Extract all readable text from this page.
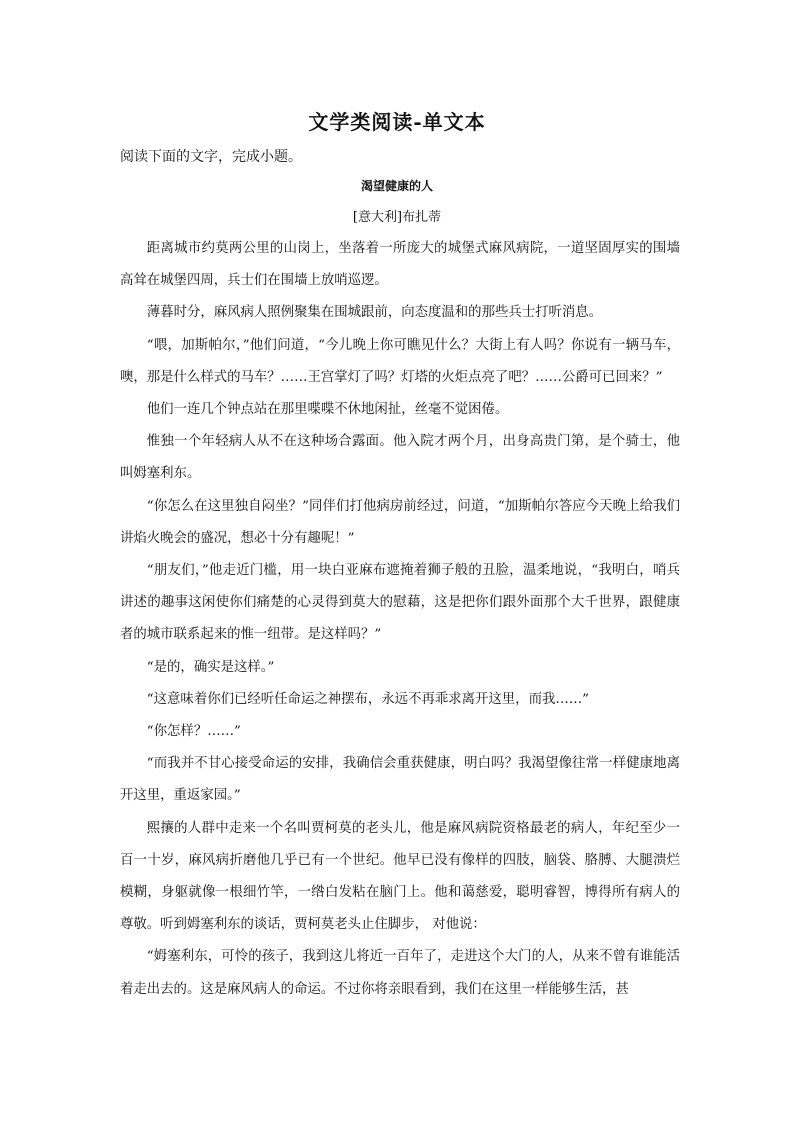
文学类阅读-单文本
阅读下面的文字，完成小题。
渴望健康的人
[意大利]布扎蒂

距离城市约莫两公里的山岗上，坐落着一所庞大的城堡式麻风病院，一道坚固厚实的围墙高耸在城堡四周，兵士们在围墙上放哨巡逻。

薄暮时分，麻风病人照例聚集在围城跟前，向态度温和的那些兵士打听消息。

“喂，加斯帕尔，”他们问道，“今儿晚上你可瞧见什么？大街上有人吗？你说有一辆马车，噢，那是什么样式的马车？……王宫掌灯了吗？灯塔的火炬点亮了吧？……公爵可已回来？”

他们一连几个钟点站在那里喋喋不休地闲扯，丝毫不觉困倦。

惟独一个年轻病人从不在这种场合露面。他入院才两个月，出身高贵门第，是个骑士，他叫姆塞利东。

“你怎么在这里独自闷坐？”同伴们打他病房前经过，问道，“加斯帕尔答应今天晚上给我们讲焰火晚会的盛况，想必十分有趣呢！”

“朋友们，”他走近门槛，用一块白亚麻布遮掩着狮子般的丑脸，温柔地说，“我明白，哨兵讲述的趣事这闲使你们痛楚的心灵得到莫大的慰藉，这是把你们跟外面那个大千世界，跟健康者的城市联系起来的惟一纽带。是这样吗？”

“是的，确实是这样。”

“这意味着你们已经听任命运之神摆布，永远不再乖求离开这里，而我……”

“你怎样？……”

“而我并不甘心接受命运的安排，我确信会重获健康，明白吗？我渴望像往常一样健康地离开这里，重返家园。”

熙攘的人群中走来一个名叫贾柯莫的老头儿，他是麻风病院资格最老的病人，年纪至少一百一十岁，麻风病折磨他几乎已有一个世纪。他早已没有像样的四肢，脑袋、胳膊、大腿溃烂模糊，身躯就像一根细竹竿，一绺白发粘在脑门上。他和蔼慈爱，聪明睿智，博得所有病人的尊敬。听到姆塞利东的谈话，贾柯莫老头止住脚步， 对他说：

“姆塞利东，可怜的孩子，我到这儿将近一百年了，走进这个大门的人，从来不曾有谁能活着走出去的。这是麻风病人的命运。不过你将亲眼看到，我们在这里一样能够生活，甚
